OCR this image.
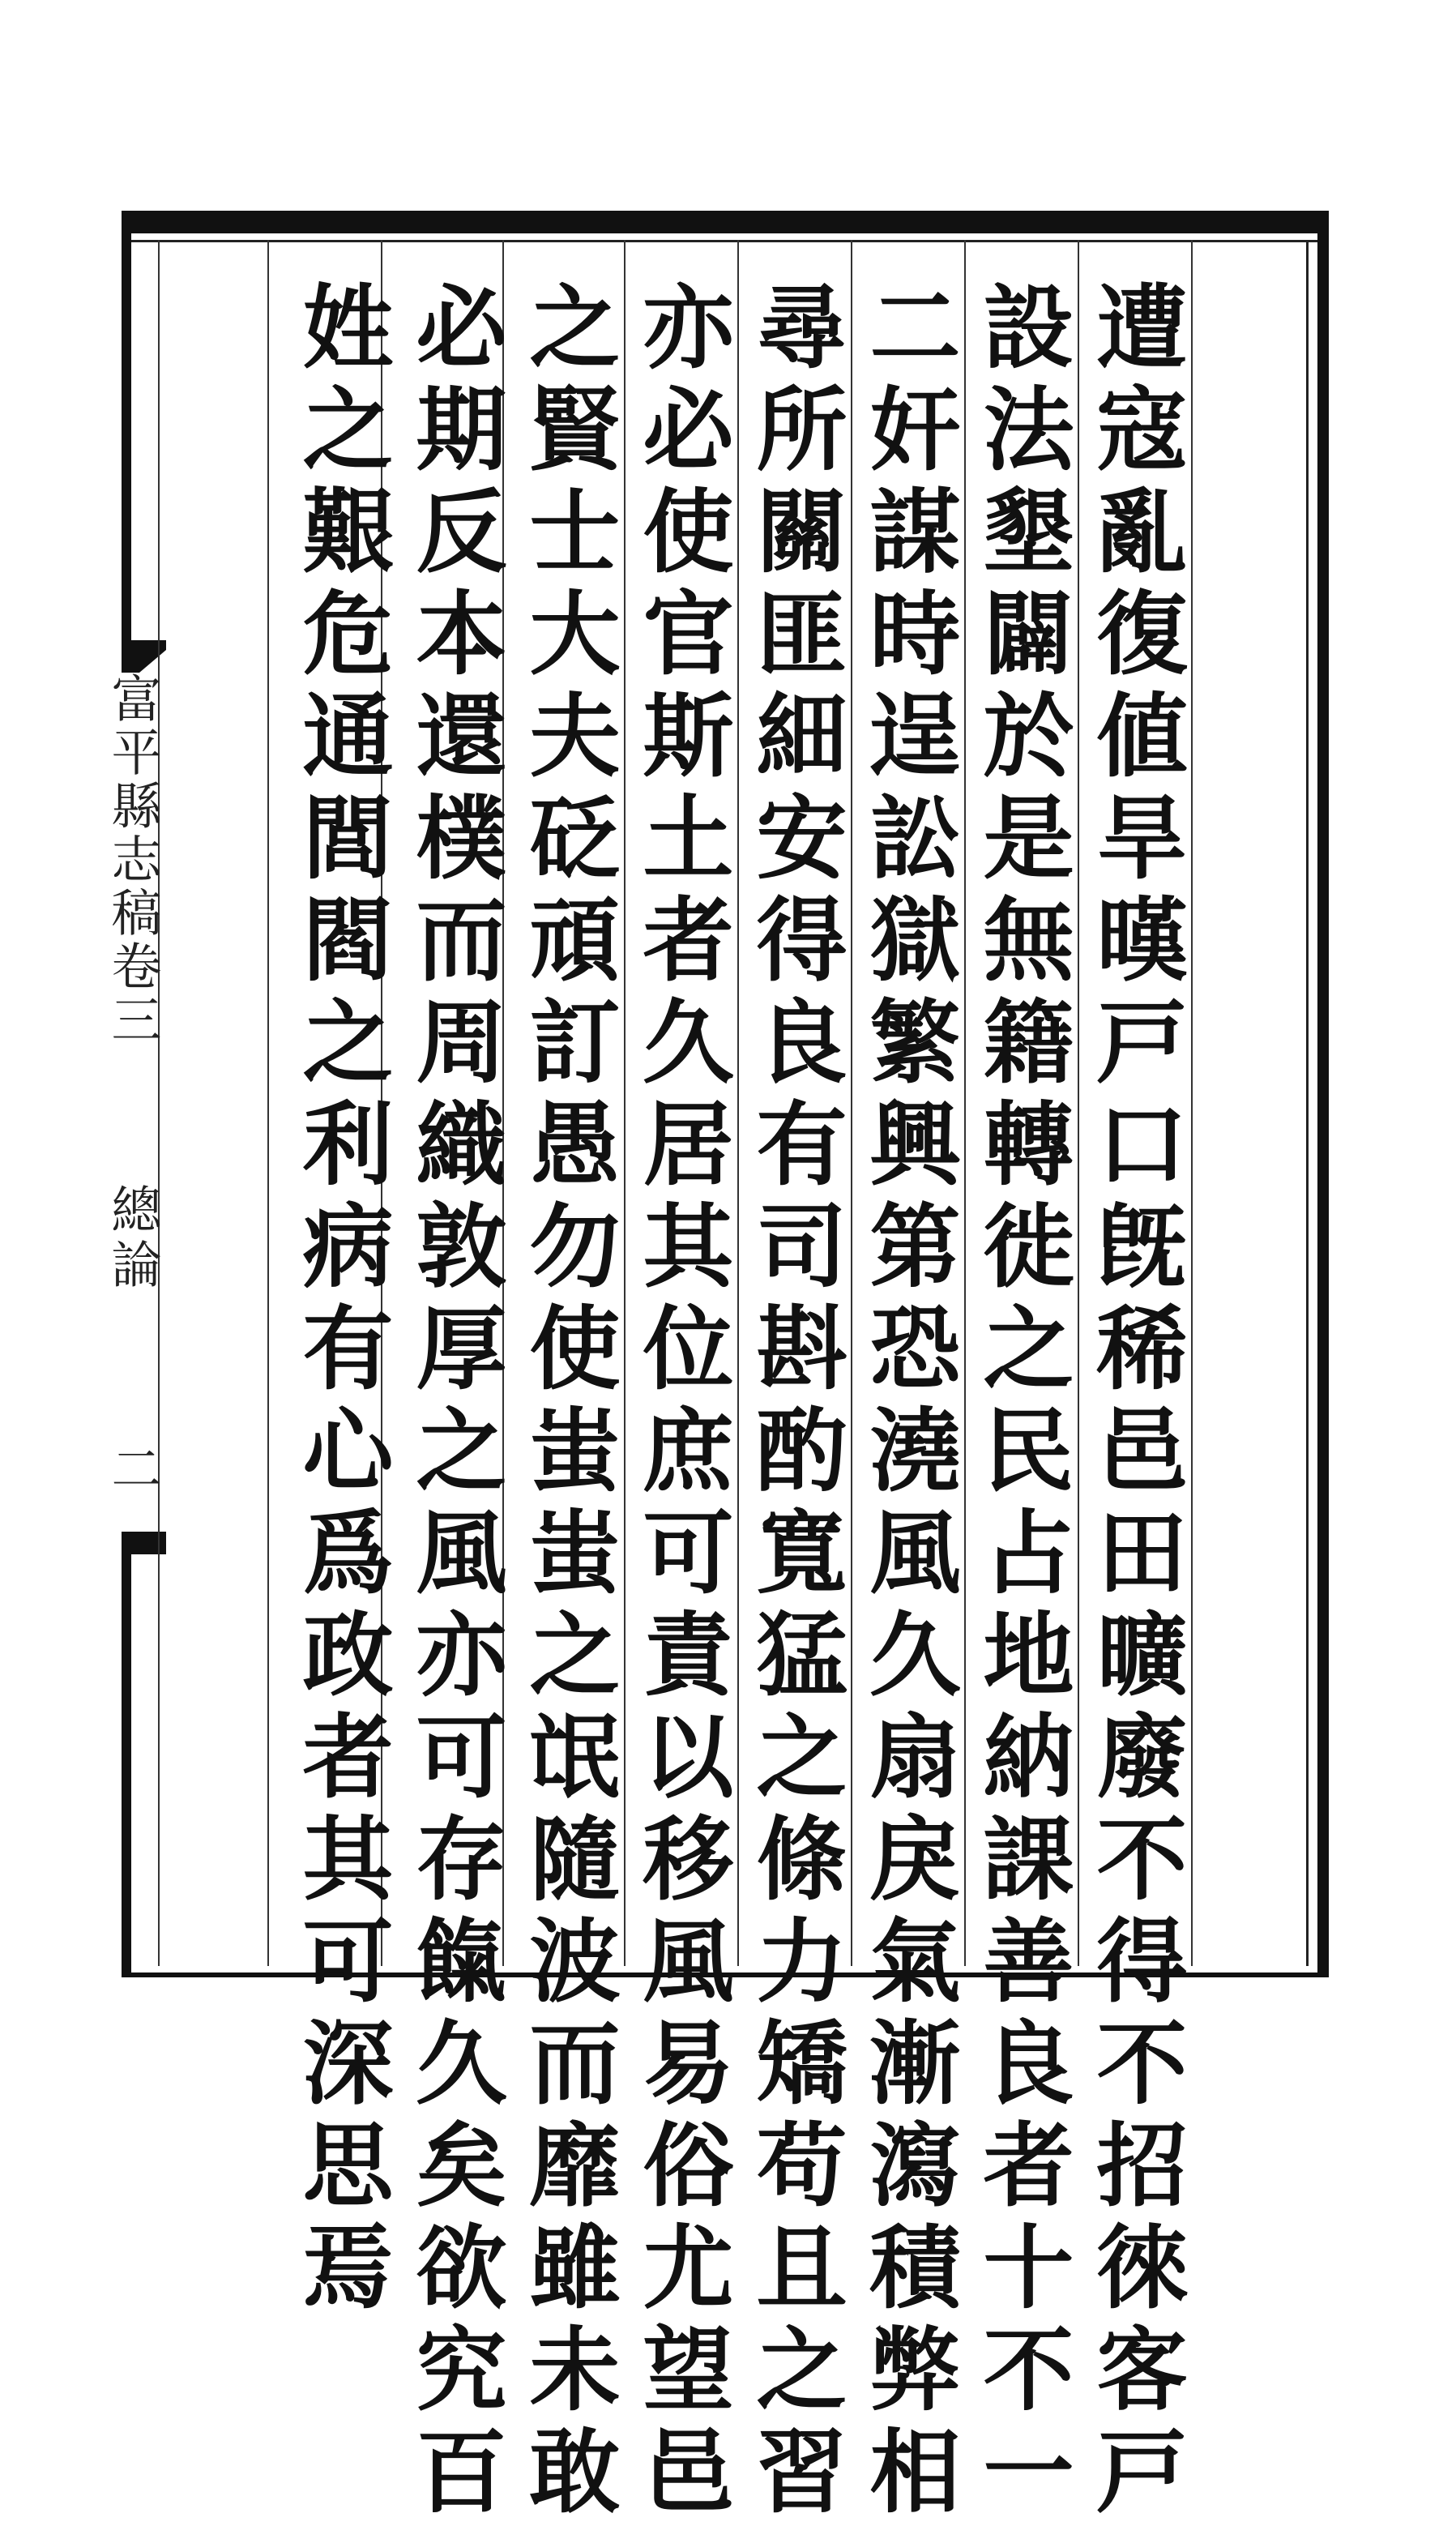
富平縣志稿卷三
總論
二	遭寇亂復値旱暵戸口旣稀邑田曠廢不得不招徠客戸
設法墾闢於是無籍轉徙之民占地納課善良者十不一
二奸謀時逞訟獄繁興第恐澆風久扇戾氣漸瀉積弊相
尋所關匪細安得良有司斟酌寬猛之條力矯苟且之習
亦必使官斯土者久居其位庶可責以移風易俗尤望邑
之賢士大夫砭頑訂愚勿使蚩蚩之氓隨波而靡雖未敢
必期反本還樸而周織敦厚之風亦可存餼久矣欲究百
姓之艱危通閭閻之利病有心爲政者其可深思焉
